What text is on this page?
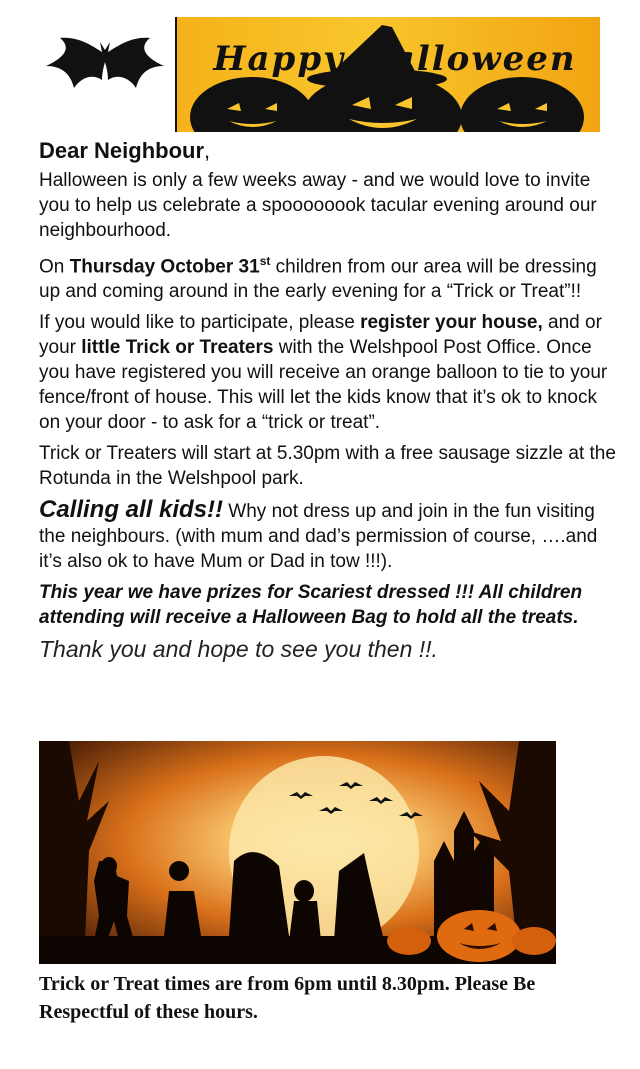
Happy Halloween
Dear Neighbour,

Halloween is only a few weeks away - and we would love to invite you to help us celebrate a spoooooook tacular evening around our neighbourhood.

On Thursday October 31st children from our area will be dressing up and coming around in the early evening for a “Trick or Treat”!!

If you would like to participate, please register your house, and or your little Trick or Treaters with the Welshpool Post Office. Once you have registered you will receive an orange balloon to tie to your fence/front of house. This will let the kids know that it’s ok to knock on your door - to ask for a “trick or treat”.

Trick or Treaters will start at 5.30pm with a free sausage sizzle at the Rotunda in the Welshpool park.

Calling all kids!! Why not dress up and join in the fun visiting the neighbours. (with mum and dad’s permission of course, ….and it’s also ok to have Mum or Dad in tow !!!).

This year we have prizes for Scariest dressed !!! All children attending will receive a Halloween Bag to hold all the treats.
Thank you and hope to see you then !!.
Trick or Treat times are from 6pm until 8.30pm. Please Be Respectful of these hours.
